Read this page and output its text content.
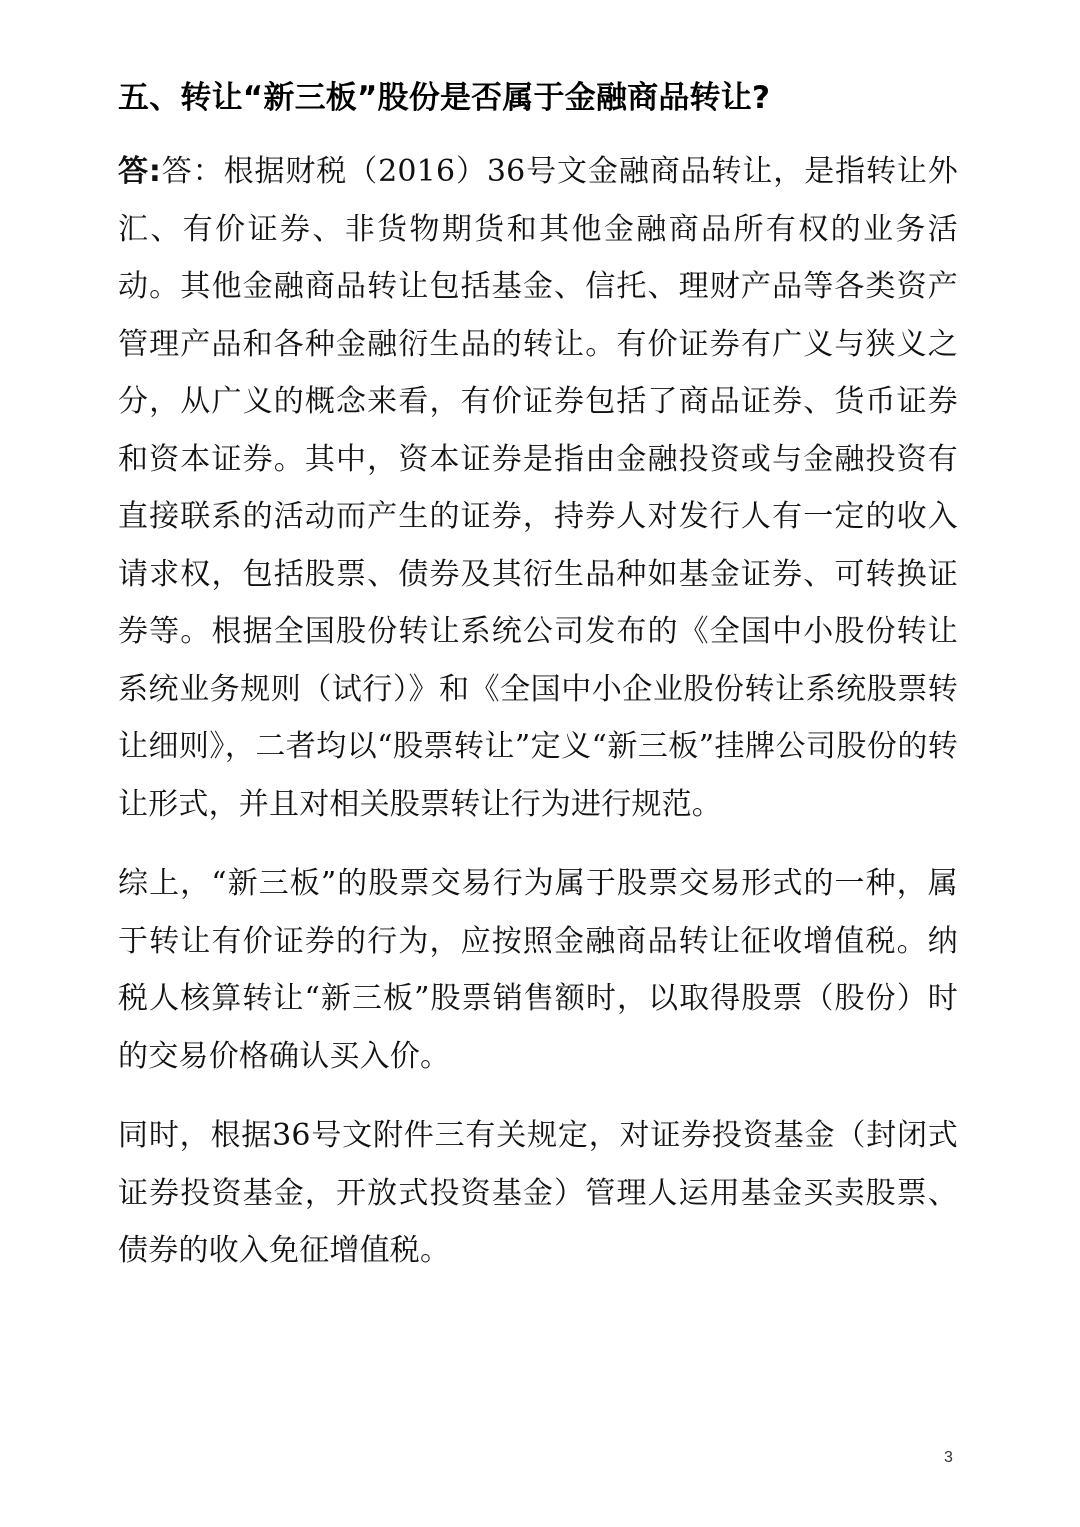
五、转让“新三板”股份是否属于金融商品转让?

答:答：根据财税（2016）36号文金融商品转让，是指转让外汇、有价证券、非货物期货和其他金融商品所有权的业务活动。其他金融商品转让包括基金、信托、理财产品等各类资产管理产品和各种金融衍生品的转让。有价证券有广义与狭义之分，从广义的概念来看，有价证券包括了商品证券、货币证券和资本证券。其中，资本证券是指由金融投资或与金融投资有直接联系的活动而产生的证券，持券人对发行人有一定的收入请求权，包括股票、债券及其衍生品种如基金证券、可转换证券等。根据全国股份转让系统公司发布的《全国中小股份转让系统业务规则（试行）》和《全国中小企业股份转让系统股票转让细则》，二者均以“股票转让”定义“新三板”挂牌公司股份的转让形式，并且对相关股票转让行为进行规范。

综上，“新三板”的股票交易行为属于股票交易形式的一种，属于转让有价证券的行为，应按照金融商品转让征收增值税。纳税人核算转让“新三板”股票销售额时，以取得股票（股份）时的交易价格确认买入价。

同时，根据36号文附件三有关规定，对证券投资基金（封闭式证券投资基金，开放式投资基金）管理人运用基金买卖股票、债券的收入免征增值税。

3
